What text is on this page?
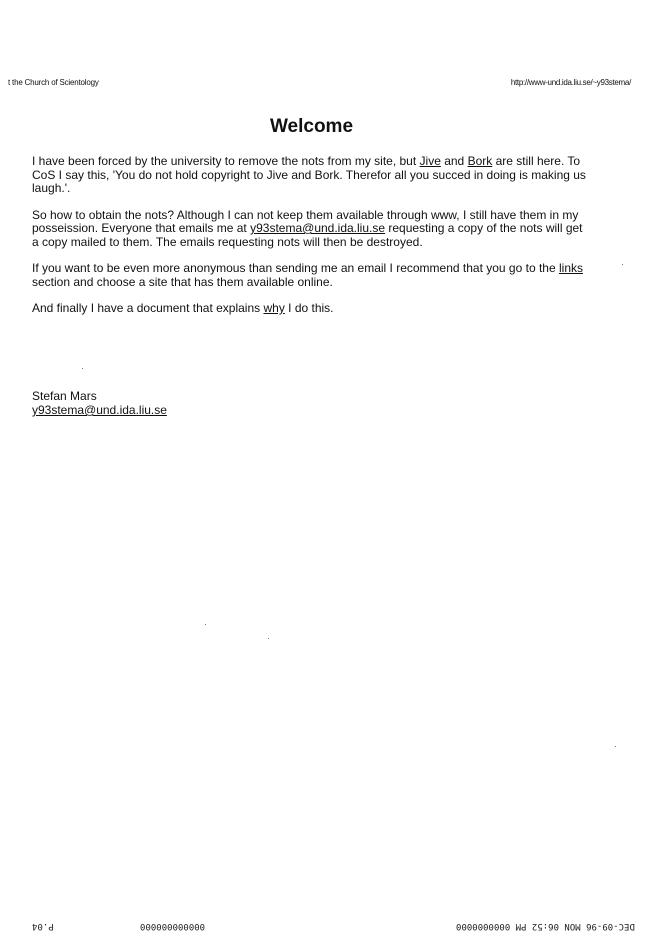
t the Church of Scientology	http://www-und.ida.liu.se/~y93stema/
Welcome

I have been forced by the university to remove the nots from my site, but Jive and Bork are still here. To CoS I say this, 'You do not hold copyright to Jive and Bork. Therefor all you succed in doing is making us laugh.'.

So how to obtain the nots? Although I can not keep them available through www, I still have them in my posseission. Everyone that emails me at y93stema@und.ida.liu.se requesting a copy of the nots will get a copy mailed to them. The emails requesting nots will then be destroyed.

If you want to be even more anonymous than sending me an email I recommend that you go to the links section and choose a site that has them available online.

And finally I have a document that explains why I do this.

Stefan Mars
y93stema@und.ida.liu.se
P.04	000000000000	DEC-09-96 MON 06:52 PM 0000000000
